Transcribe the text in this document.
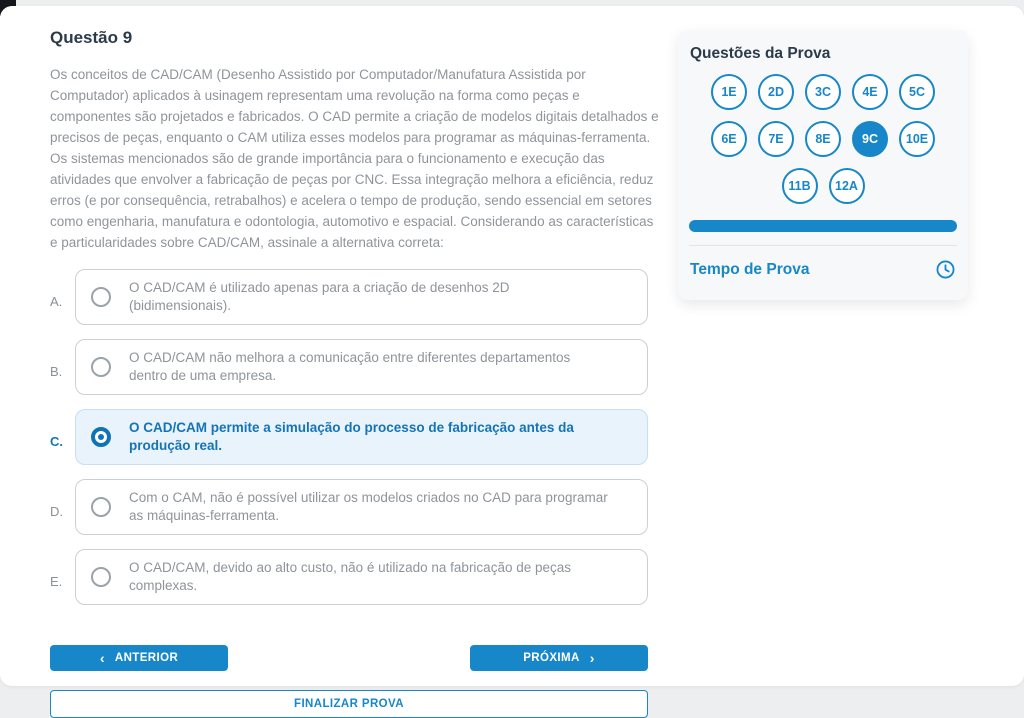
Questão 9
Os conceitos de CAD/CAM (Desenho Assistido por Computador/Manufatura Assistida por Computador) aplicados à usinagem representam uma revolução na forma como peças e componentes são projetados e fabricados. O CAD permite a criação de modelos digitais detalhados e precisos de peças, enquanto o CAM utiliza esses modelos para programar as máquinas-ferramenta. Os sistemas mencionados são de grande importância para o funcionamento e execução das atividades que envolver a fabricação de peças por CNC. Essa integração melhora a eficiência, reduz erros (e por consequência, retrabalhos) e acelera o tempo de produção, sendo essencial em setores como engenharia, manufatura e odontologia, automotivo e espacial. Considerando as características e particularidades sobre CAD/CAM, assinale a alternativa correta:
A.
O CAD/CAM é utilizado apenas para a criação de desenhos 2D (bidimensionais).
B.
O CAD/CAM não melhora a comunicação entre diferentes departamentos dentro de uma empresa.
C.
O CAD/CAM permite a simulação do processo de fabricação antes da produção real.
D.
Com o CAM, não é possível utilizar os modelos criados no CAD para programar as máquinas-ferramenta.
E.
O CAD/CAM, devido ao alto custo, não é utilizado na fabricação de peças complexas.
‹ ANTERIOR	PRÓXIMA ›
FINALIZAR PROVA
Questões da Prova
1E	2D	3C	4E	5C
6E	7E	8E	9C	10E
11B	12A
Tempo de Prova
